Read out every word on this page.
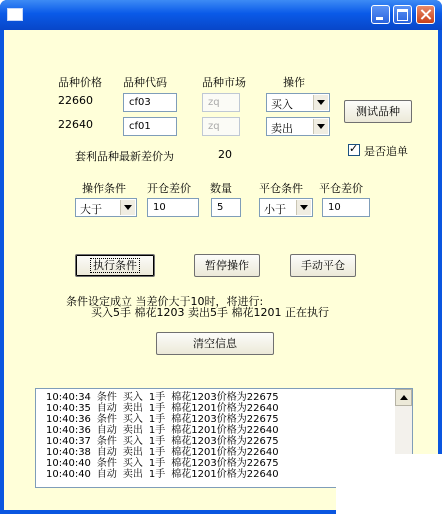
品种价格 品种代码	品种市场	操作
22660	cf03	zq	买入
22640	cf01	zq	卖出
测试品种
✓
是否追单
套利品种最新差价为	20
操作条件 开仓差价 数量 平仓条件 平仓差价
大于	10	5	小于	10
执行条件	暂停操作	手动平仓
条件设定成立 当差价大于10时，将进行:
买入5手 棉花1203 卖出5手 棉花1201 正在执行
清空信息
10:40:34 条件 买入 1手 棉花1203价格为22675
10:40:35 自动 卖出 1手 棉花1201价格为22640
10:40:36 条件 买入 1手 棉花1203价格为22675
10:40:36 自动 卖出 1手 棉花1201价格为22640
10:40:37 条件 买入 1手 棉花1203价格为22675
10:40:38 自动 卖出 1手 棉花1201价格为22640
10:40:40 条件 买入 1手 棉花1203价格为22675
10:40:40 自动 卖出 1手 棉花1201价格为22640
